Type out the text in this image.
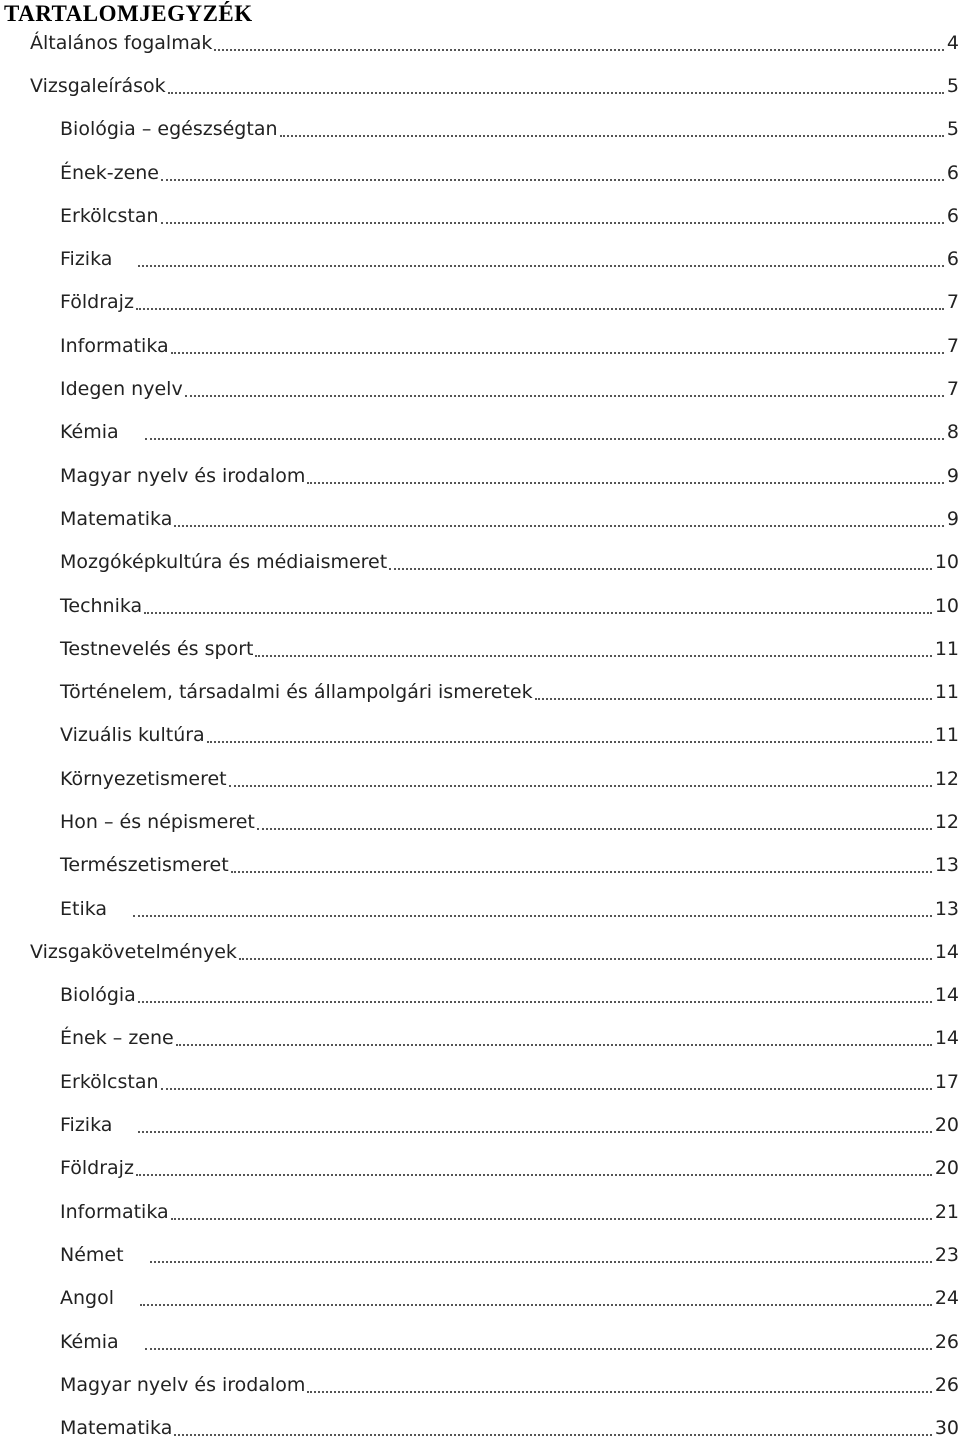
TARTALOMJEGYZÉK
Általános fogalmak	4
Vizsgaleírások	5
Biológia – egészségtan	5
Ének-zene	6
Erkölcstan	6
Fizika	6
Földrajz	7
Informatika	7
Idegen nyelv	7
Kémia	8
Magyar nyelv és irodalom	9
Matematika	9
Mozgóképkultúra és médiaismeret	10
Technika	10
Testnevelés és sport	11
Történelem, társadalmi és állampolgári ismeretek	11
Vizuális kultúra	11
Környezetismeret	12
Hon – és népismeret	12
Természetismeret	13
Etika	13
Vizsgakövetelmények	14
Biológia	14
Ének – zene	14
Erkölcstan	17
Fizika	20
Földrajz	20
Informatika	21
Német	23
Angol	24
Kémia	26
Magyar nyelv és irodalom	26
Matematika	30
